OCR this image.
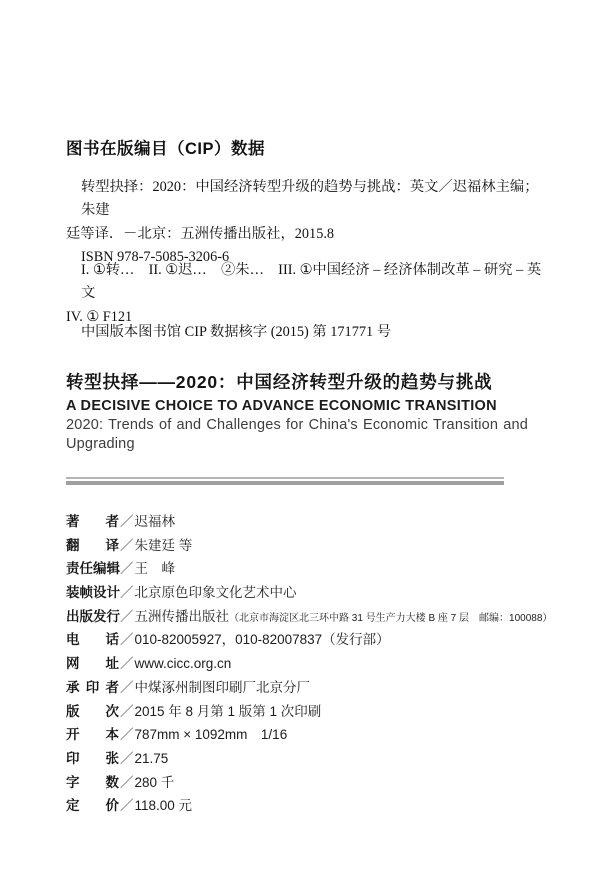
图书在版编目（CIP）数据
转型抉择：2020：中国经济转型升级的趋势与挑战：英文／迟福林主编；朱建
廷等译．－北京：五洲传播出版社，2015.8
ISBN 978-7-5085-3206-6
I. ①转…　II. ①迟…　②朱…　III. ①中国经济 – 经济体制改革 – 研究 – 英文
IV. ① F121
中国版本图书馆 CIP 数据核字 (2015) 第 171771 号
转型抉择——2020：中国经济转型升级的趋势与挑战
A DECISIVE CHOICE TO ADVANCE ECONOMIC TRANSITION
2020: Trends of and Challenges for China's Economic Transition and Upgrading
著者／迟福林
翻译／朱建廷 等
责任编辑／王　峰
装帧设计／北京原色印象文化艺术中心
出版发行／五洲传播出版社（北京市海淀区北三环中路 31 号生产力大楼 B 座 7 层　邮编：100088）
电话／010-82005927，010-82007837（发行部）
网址／www.cicc.org.cn
承印者／中煤涿州制图印刷厂北京分厂
版次／2015 年 8 月第 1 版第 1 次印刷
开本／787mm × 1092mm　1/16
印张／21.75
字数／280 千
定价／118.00 元
